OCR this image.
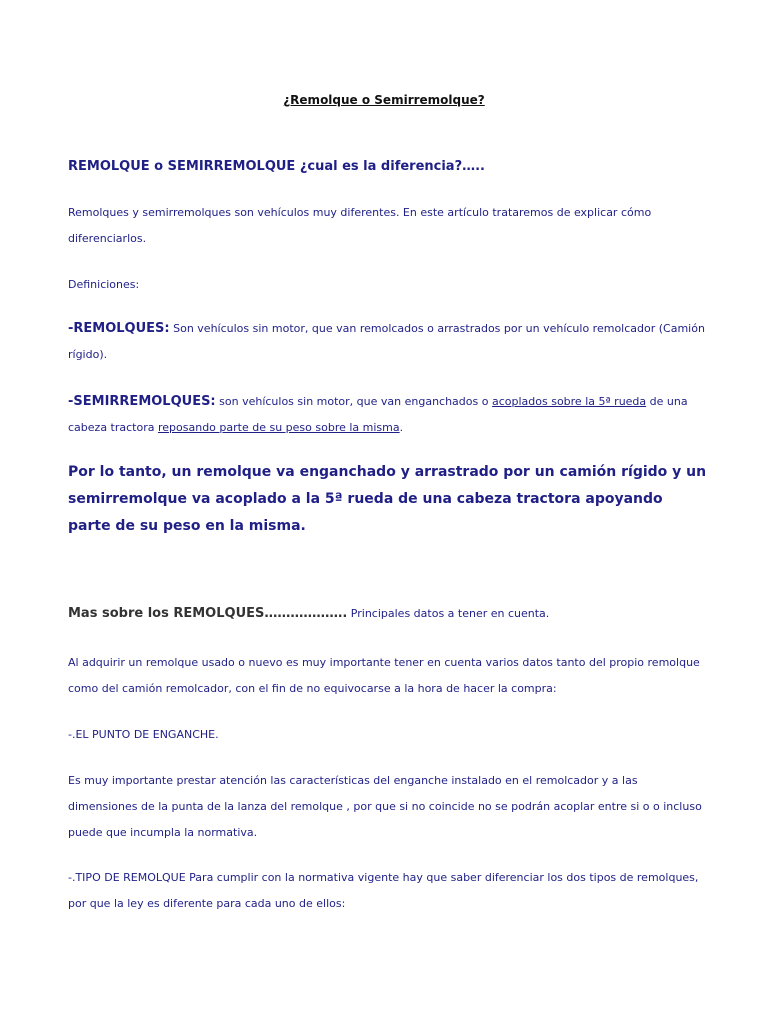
¿Remolque o Semirremolque?
REMOLQUE o SEMIRREMOLQUE ¿cual es la diferencia?…..
Remolques y semirremolques son vehículos muy diferentes. En este artículo trataremos de explicar cómo diferenciarlos.
Definiciones:
-REMOLQUES: Son vehículos sin motor, que van remolcados o arrastrados por un vehículo remolcador (Camión rígido).
-SEMIRREMOLQUES: son vehículos sin motor, que van enganchados o acoplados sobre la 5ª rueda de una cabeza tractora reposando parte de su peso sobre la misma.
Por lo tanto, un remolque va enganchado y arrastrado por un camión rígido y un semirremolque va acoplado a la 5ª rueda de una cabeza tractora apoyando parte de su peso en la misma.
Mas sobre los REMOLQUES………………. Principales datos a tener en cuenta.
Al adquirir un remolque usado o nuevo es muy importante tener en cuenta varios datos tanto del propio remolque como del camión remolcador, con el fin de no equivocarse a la hora de hacer la compra:
-.EL PUNTO DE ENGANCHE.
Es muy importante prestar atención las características del enganche instalado en el remolcador y a las dimensiones de la punta de la lanza del remolque , por que si no coincide no se podrán acoplar entre si o o incluso puede que incumpla la normativa.
-.TIPO DE REMOLQUE Para cumplir con la normativa vigente hay que saber diferenciar los dos tipos de remolques, por que la ley es diferente para cada uno de ellos:
